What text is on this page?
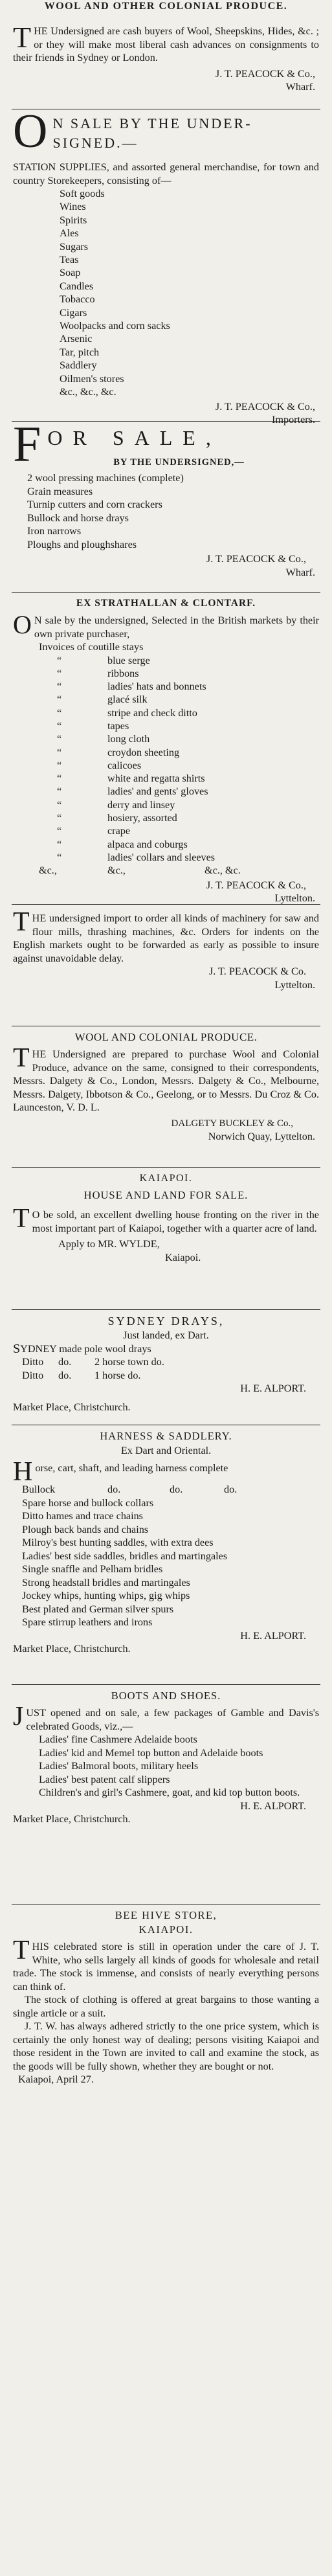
WOOL AND OTHER COLONIAL PRODUCE.
THE Undersigned are cash buyers of Wool, Sheepskins, Hides, &c. ; or they will make most liberal cash advances on consignments to their friends in Sydney or London.
J. T. PEACOCK & Co.,
Wharf.
O N SALE BY THE UNDER- SIGNED.—
STATION SUPPLIES, and assorted general merchandise, for town and country Storekeepers, consisting of—
Soft goods
Wines
Spirits
Ales
Sugars
Teas
Soap
Candles
Tobacco
Cigars
Woolpacks and corn sacks
Arsenic
Tar, pitch
Saddlery
Oilmen's stores
&c., &c., &c.
J. T. PEACOCK & Co.,
Importers.
F OR SALE,
BY THE UNDERSIGNED,—
2 wool pressing machines (complete)
Grain measures
Turnip cutters and corn crackers
Bullock and horse drays
Iron narrows
Ploughs and ploughshares
J. T. PEACOCK & Co.,
Wharf.
EX STRATHALLAN & CLONTARF.
O N sale by the undersigned, Selected in the British markets by their own private purchaser,
Invoices of coutille stays
“	blue serge
“	ribbons
“	ladies' hats and bonnets
“	glacé silk
“	stripe and check ditto
“	tapes
“	long cloth
“	croydon sheeting
“	calicoes
“	white and regatta shirts
“	ladies' and gents' gloves
“	derry and linsey
“	hosiery, assorted
“	crape
“	alpaca and coburgs
“	ladies' collars and sleeves
&c.,	&c.,	&c., &c.
J. T. PEACOCK & Co.,
Lyttelton.
THE undersigned import to order all kinds of machinery for saw and flour mills, thrashing machines, &c. Orders for indents on the English markets ought to be forwarded as early as possible to insure against unavoidable delay.
J. T. PEACOCK & Co.
Lyttelton.
WOOL AND COLONIAL PRODUCE.
THE Undersigned are prepared to purchase Wool and Colonial Produce, advance on the same, consigned to their correspondents, Messrs. Dalgety & Co., London, Messrs. Dalgety & Co., Melbourne, Messrs. Dalgety, Ibbotson & Co., Geelong, or to Messrs. Du Croz & Co. Launceston, V. D. L.
DALGETY BUCKLEY & Co.,
Norwich Quay, Lyttelton.
KAIAPOI.
HOUSE AND LAND FOR SALE.
T O be sold, an excellent dwelling house fronting on the river in the most important part of Kaiapoi, together with a quarter acre of land.
Apply to MR. WYLDE,
Kaiapoi.
SYDNEY DRAYS,
Just landed, ex Dart.
S YDNEY made pole wool drays
Ditto	do.	2 horse town do.
Ditto	do.	1 horse do.
H. E. ALPORT.
Market Place, Christchurch.
HARNESS & SADDLERY.
Ex Dart and Oriental.
Horse, cart, shaft, and leading harness complete
Bullock	do.	do.	do.
Spare horse and bullock collars
Ditto hames and trace chains
Plough back bands and chains
Milroy's best hunting saddles, with extra dees
Ladies' best side saddles, bridles and martingales
Single snaffle and Pelham bridles
Strong headstall bridles and martingales
Jockey whips, hunting whips, gig whips
Best plated and German silver spurs
Spare stirrup leathers and irons
H. E. ALPORT.
Market Place, Christchurch.
BOOTS AND SHOES.
JUST opened and on sale, a few packages of Gamble and Davis's celebrated Goods, viz.,—
Ladies' fine Cashmere Adelaide boots
Ladies' kid and Memel top button and Adelaide boots
Ladies' Balmoral boots, military heels
Ladies' best patent calf slippers
Children's and girl's Cashmere, goat, and kid top button boots.
H. E. ALPORT.
Market Place, Christchurch.
BEE HIVE STORE,
KAIAPOI.
THIS celebrated store is still in operation under the care of J. T. White, who sells largely all kinds of goods for wholesale and retail trade. The stock is immense, and consists of nearly everything persons can think of.
The stock of clothing is offered at great bargains to those wanting a single article or a suit.
J. T. W. has always adhered strictly to the one price system, which is certainly the only honest way of dealing; persons visiting Kaiapoi and those resident in the Town are invited to call and examine the stock, as the goods will be fully shown, whether they are bought or not.
Kaiapoi, April 27.
